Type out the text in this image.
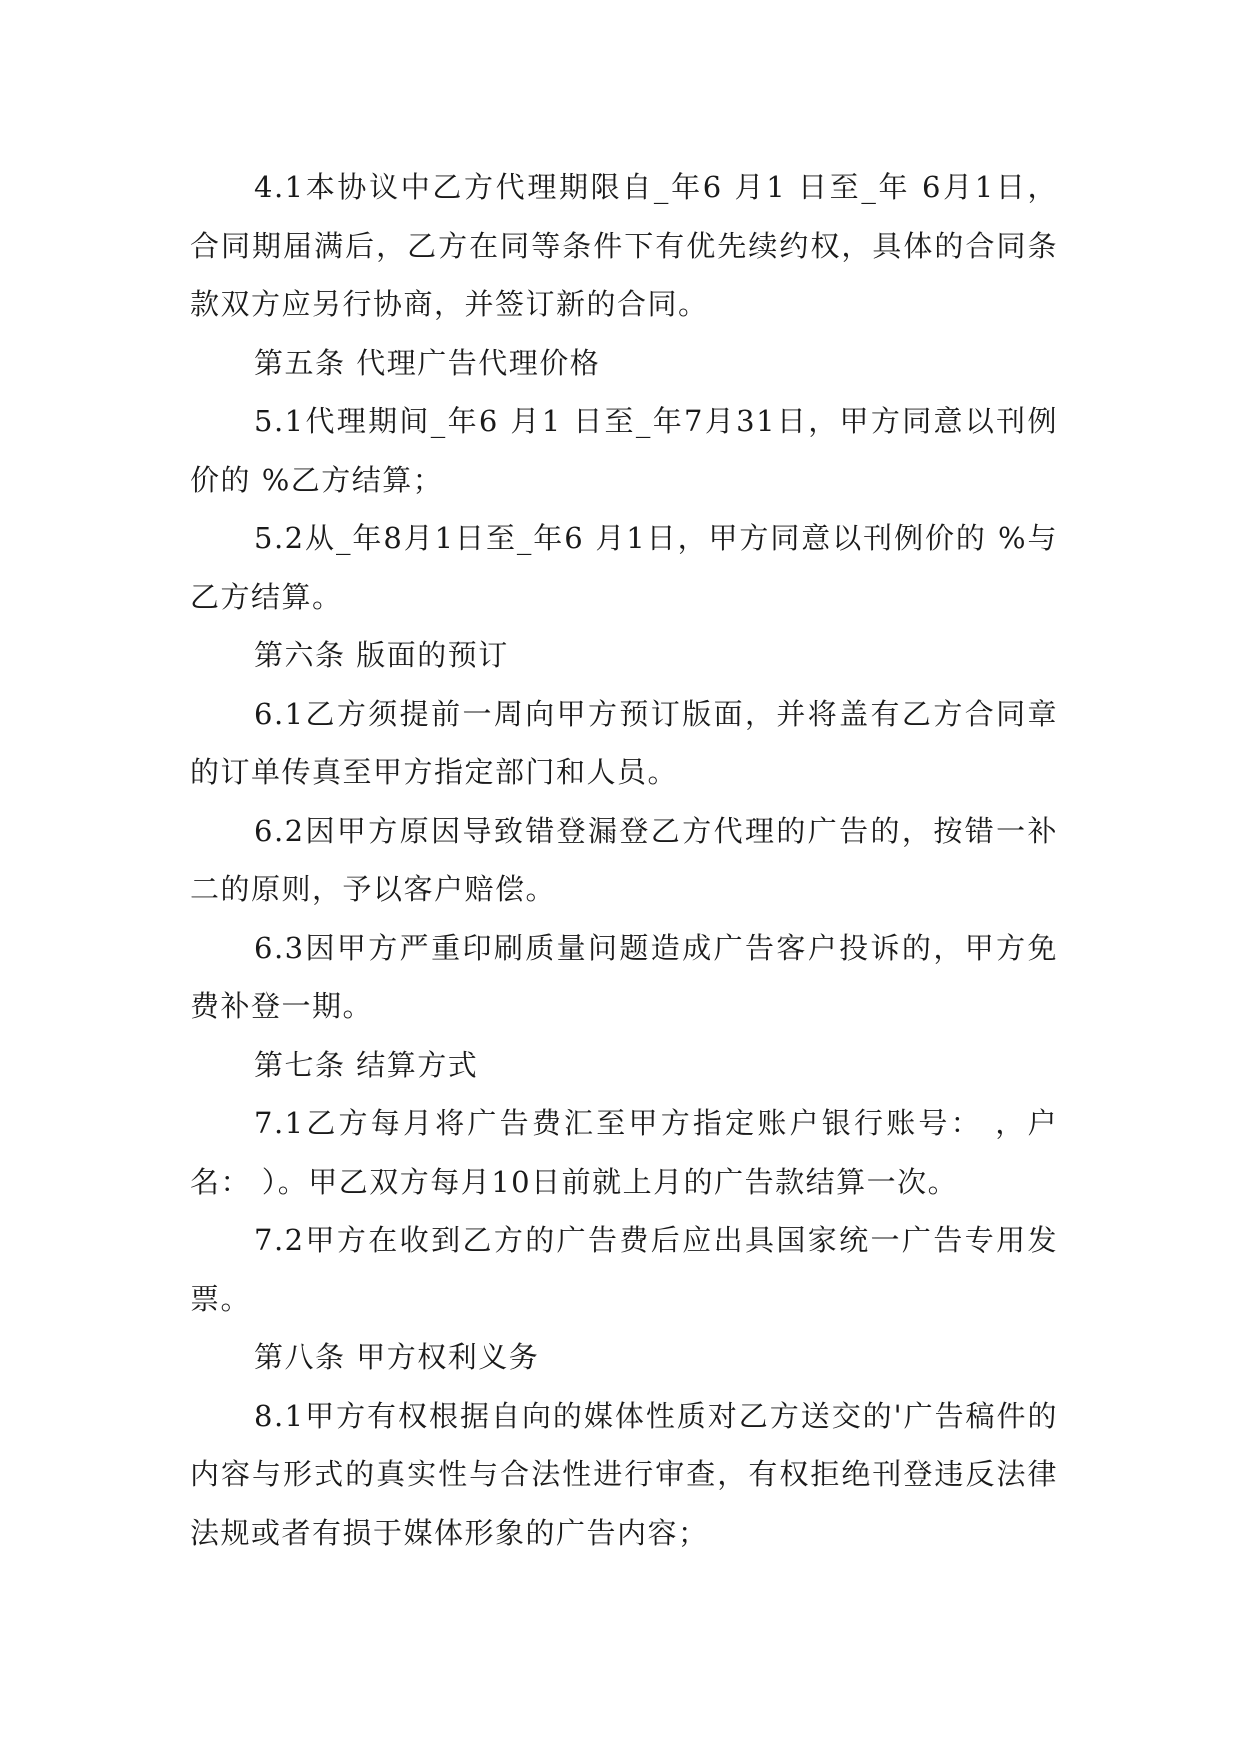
4.1本协议中乙方代理期限自_年6 月1 日至_年 6月1日，合同期届满后，乙方在同等条件下有优先续约权，具体的合同条款双方应另行协商，并签订新的合同。

第五条 代理广告代理价格

5.1代理期间_年6 月1 日至_年7月31日，甲方同意以刊例价的 %乙方结算；

5.2从_年8月1日至_年6 月1日，甲方同意以刊例价的 %与乙方结算。

第六条 版面的预订

6.1乙方须提前一周向甲方预订版面，并将盖有乙方合同章的订单传真至甲方指定部门和人员。

6.2因甲方原因导致错登漏登乙方代理的广告的，按错一补二的原则，予以客户赔偿。

6.3因甲方严重印刷质量问题造成广告客户投诉的，甲方免费补登一期。

第七条 结算方式

7.1乙方每月将广告费汇至甲方指定账户银行账号： ，户名： ）。甲乙双方每月10日前就上月的广告款结算一次。

7.2甲方在收到乙方的广告费后应出具国家统一广告专用发票。

第八条 甲方权利义务

8.1甲方有权根据自向的媒体性质对乙方送交的'广告稿件的内容与形式的真实性与合法性进行审查，有权拒绝刊登违反法律法规或者有损于媒体形象的广告内容；
